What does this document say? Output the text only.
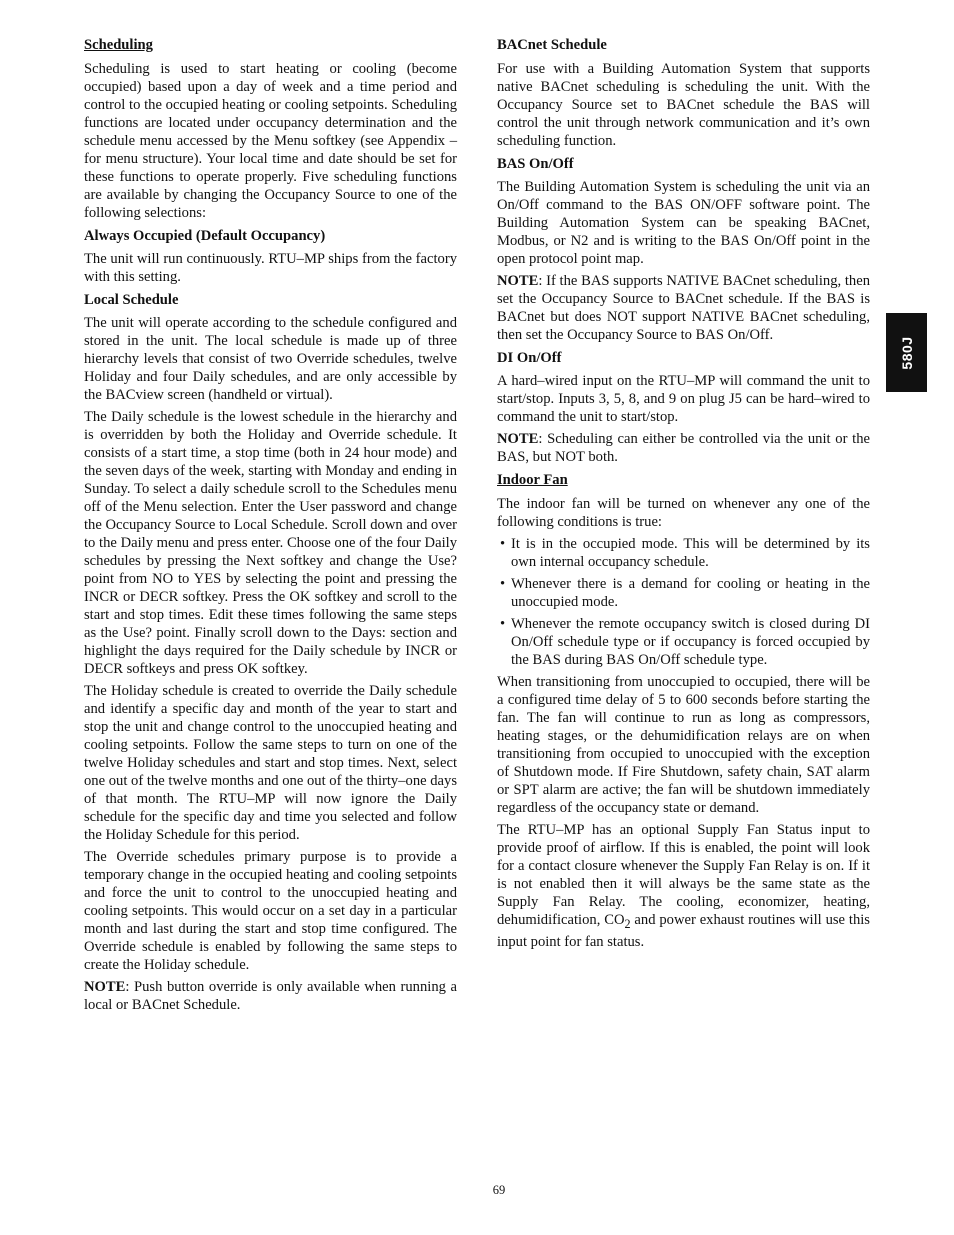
Scheduling

Scheduling is used to start heating or cooling (become occupied) based upon a day of week and a time period and control to the occupied heating or cooling setpoints. Scheduling functions are located under occupancy determination and the schedule menu accessed by the Menu softkey (see Appendix – for menu structure). Your local time and date should be set for these functions to operate properly. Five scheduling functions are available by changing the Occupancy Source to one of the following selections:

Always Occupied (Default Occupancy)

The unit will run continuously. RTU–MP ships from the factory with this setting.

Local Schedule

The unit will operate according to the schedule configured and stored in the unit. The local schedule is made up of three hierarchy levels that consist of two Override schedules, twelve Holiday and four Daily schedules, and are only accessible by the BACview screen (handheld or virtual).

The Daily schedule is the lowest schedule in the hierarchy and is overridden by both the Holiday and Override schedule. It consists of a start time, a stop time (both in 24 hour mode) and the seven days of the week, starting with Monday and ending in Sunday. To select a daily schedule scroll to the Schedules menu off of the Menu selection. Enter the User password and change the Occupancy Source to Local Schedule. Scroll down and over to the Daily menu and press enter. Choose one of the four Daily schedules by pressing the Next softkey and change the Use? point from NO to YES by selecting the point and pressing the INCR or DECR softkey. Press the OK softkey and scroll to the start and stop times. Edit these times following the same steps as the Use? point. Finally scroll down to the Days: section and highlight the days required for the Daily schedule by INCR or DECR softkeys and press OK softkey.

The Holiday schedule is created to override the Daily schedule and identify a specific day and month of the year to start and stop the unit and change control to the unoccupied heating and cooling setpoints. Follow the same steps to turn on one of the twelve Holiday schedules and start and stop times. Next, select one out of the twelve months and one out of the thirty–one days of that month. The RTU–MP will now ignore the Daily schedule for the specific day and time you selected and follow the Holiday Schedule for this period.

The Override schedules primary purpose is to provide a temporary change in the occupied heating and cooling setpoints and force the unit to control to the unoccupied heating and cooling setpoints. This would occur on a set day in a particular month and last during the start and stop time configured. The Override schedule is enabled by following the same steps to create the Holiday schedule.

NOTE: Push button override is only available when running a local or BACnet Schedule.

BACnet Schedule

For use with a Building Automation System that supports native BACnet scheduling is scheduling the unit. With the Occupancy Source set to BACnet schedule the BAS will control the unit through network communication and it’s own scheduling function.

BAS On/Off

The Building Automation System is scheduling the unit via an On/Off command to the BAS ON/OFF software point. The Building Automation System can be speaking BACnet, Modbus, or N2 and is writing to the BAS On/Off point in the open protocol point map.

NOTE: If the BAS supports NATIVE BACnet scheduling, then set the Occupancy Source to BACnet schedule. If the BAS is BACnet but does NOT support NATIVE BACnet scheduling, then set the Occupancy Source to BAS On/Off.

DI On/Off

A hard–wired input on the RTU–MP will command the unit to start/stop. Inputs 3, 5, 8, and 9 on plug J5 can be hard–wired to command the unit to start/stop.

NOTE: Scheduling can either be controlled via the unit or the BAS, but NOT both.

Indoor Fan

The indoor fan will be turned on whenever any one of the following conditions is true:

• It is in the occupied mode. This will be determined by its own internal occupancy schedule.
• Whenever there is a demand for cooling or heating in the unoccupied mode.
• Whenever the remote occupancy switch is closed during DI On/Off schedule type or if occupancy is forced occupied by the BAS during BAS On/Off schedule type.

When transitioning from unoccupied to occupied, there will be a configured time delay of 5 to 600 seconds before starting the fan. The fan will continue to run as long as compressors, heating stages, or the dehumidification relays are on when transitioning from occupied to unoccupied with the exception of Shutdown mode. If Fire Shutdown, safety chain, SAT alarm or SPT alarm are active; the fan will be shutdown immediately regardless of the occupancy state or demand.

The RTU–MP has an optional Supply Fan Status input to provide proof of airflow. If this is enabled, the point will look for a contact closure whenever the Supply Fan Relay is on. If it is not enabled then it will always be the same state as the Supply Fan Relay. The cooling, economizer, heating, dehumidification, $CO_2$ and power exhaust routines will use this input point for fan status.

580J
69
